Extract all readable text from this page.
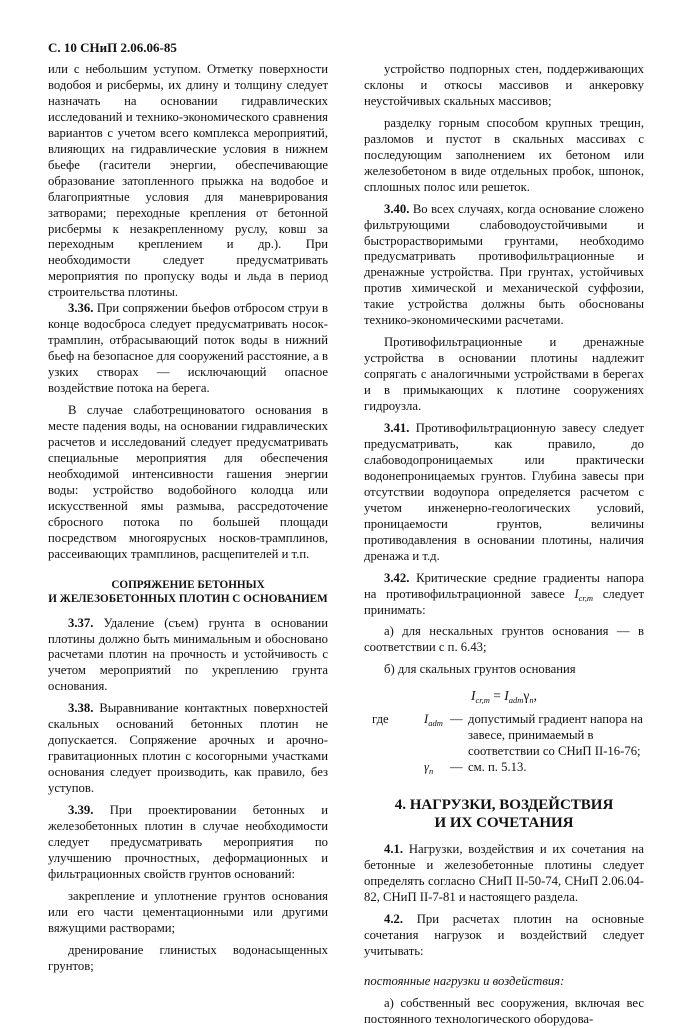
С. 10 СНиП 2.06.06-85

или с небольшим уступом. Отметку поверхности водобоя и рисбермы, их длину и толщину следует назначать на основании гидравлических исследований и технико-экономического сравнения вариантов с учетом всего комплекса мероприятий, влияющих на гидравлические условия в нижнем бьефе (гасители энергии, обеспечивающие образование затопленного прыжка на водобое и благоприятные условия для маневрирования затворами; переходные крепления от бетонной рисбермы к незакрепленному руслу, ковш за переходным креплением и др.). При необходимости следует предусматривать мероприятия по пропуску воды и льда в период строительства плотины.

3.36. При сопряжении бьефов отбросом струи в конце водосброса следует предусматривать носок-трамплин, отбрасывающий поток воды в нижний бьеф на безопасное для сооружений расстояние, а в узких створах — исключающий опасное воздействие потока на берега.

В случае слаботрещиноватого основания в месте падения воды, на основании гидравлических расчетов и исследований следует предусматривать специальные мероприятия для обеспечения необходимой интенсивности гашения энергии воды: устройство водобойного колодца или искусственной ямы размыва, рассредоточение сбросного потока по большей площади посредством многоярусных носков-трамплинов, рассеивающих трамплинов, расщепителей и т.п.

СОПРЯЖЕНИЕ БЕТОННЫХ
И ЖЕЛЕЗОБЕТОННЫХ ПЛОТИН С ОСНОВАНИЕМ

3.37. Удаление (съем) грунта в основании плотины должно быть минимальным и обосновано расчетами плотин на прочность и устойчивость с учетом мероприятий по укреплению грунта основания.

3.38. Выравнивание контактных поверхностей скальных оснований бетонных плотин не допускается. Сопряжение арочных и арочно-гравитационных плотин с косогорными участками основания следует производить, как правило, без уступов.

3.39. При проектировании бетонных и железобетонных плотин в случае необходимости следует предусматривать мероприятия по улучшению прочностных, деформационных и фильтрационных свойств грунтов оснований:

закрепление и уплотнение грунтов основания или его части цементационными или другими вяжущими растворами;

дренирование глинистых водонасыщенных грунтов;

устройство подпорных стен, поддерживающих склоны и откосы массивов и анкеровку неустойчивых скальных массивов;

разделку горным способом крупных трещин, разломов и пустот в скальных массивах с последующим заполнением их бетоном или железобетоном в виде отдельных пробок, шпонок, сплошных полос или решеток.

3.40. Во всех случаях, когда основание сложено фильтрующими слабоводоустойчивыми и быстрорастворимыми грунтами, необходимо предусматривать противофильтрационные и дренажные устройства. При грунтах, устойчивых против химической и механической суффозии, такие устройства должны быть обоснованы технико-экономическими расчетами.

Противофильтрационные и дренажные устройства в основании плотины надлежит сопрягать с аналогичными устройствами в берегах и в примыкающих к плотине сооружениях гидроузла.

3.41. Противофильтрационную завесу следует предусматривать, как правило, до слабоводопроницаемых или практически водонепроницаемых грунтов. Глубина завесы при отсутствии водоупора определяется расчетом с учетом инженерно-геологических условий, проницаемости грунтов, величины противодавления в основании плотины, наличия дренажа и т.д.

3.42. Критические средние градиенты напора на противофильтрационной завесе $I_{cr,m}$ следует принимать:

а) для нескальных грунтов основания — в соответствии с п. 6.43;

б) для скальных грунтов основания

$I_{cr,m} = I_{adm}\gamma_n$,
где	$I_{adm}$ — допустимый градиент напора на завесе, принимаемый в соответствии со СНиП II-16-76;
$\gamma_n$	— см. п. 5.13.
4. НАГРУЗКИ, ВОЗДЕЙСТВИЯ
И ИХ СОЧЕТАНИЯ

4.1. Нагрузки, воздействия и их сочетания на бетонные и железобетонные плотины следует определять согласно СНиП II-50-74, СНиП 2.06.04-82, СНиП II-7-81 и настоящего раздела.

4.2. При расчетах плотин на основные сочетания нагрузок и воздействий следует учитывать:

постоянные нагрузки и воздействия:

а) собственный вес сооружения, включая вес постоянного технологического оборудова-
